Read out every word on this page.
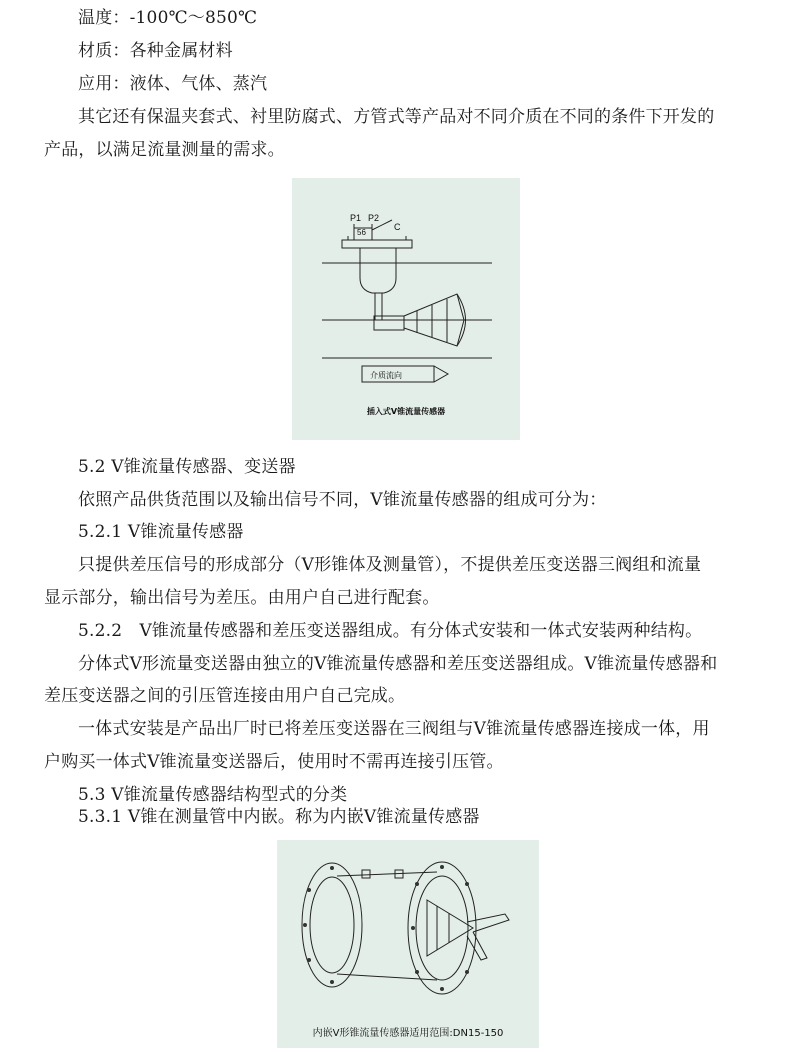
温度：-100℃～850℃
材质：各种金属材料
应用：液体、气体、蒸汽
其它还有保温夹套式、衬里防腐式、方管式等产品对不同介质在不同的条件下开发的
产品，以满足流量测量的需求。
P1 P2
56
C
介质流向
插入式V锥流量传感器
5.2 V锥流量传感器、变送器
依照产品供货范围以及输出信号不同，V锥流量传感器的组成可分为：
5.2.1 V锥流量传感器
只提供差压信号的形成部分（V形锥体及测量管），不提供差压变送器三阀组和流量
显示部分，输出信号为差压。由用户自己进行配套。
5.2.2　V锥流量传感器和差压变送器组成。有分体式安装和一体式安装两种结构。
分体式V形流量变送器由独立的V锥流量传感器和差压变送器组成。V锥流量传感器和
差压变送器之间的引压管连接由用户自己完成。
一体式安装是产品出厂时已将差压变送器在三阀组与V锥流量传感器连接成一体，用
户购买一体式V锥流量变送器后，使用时不需再连接引压管。
5.3 V锥流量传感器结构型式的分类
5.3.1 V锥在测量管中内嵌。称为内嵌V锥流量传感器
内嵌V形锥流量传感器适用范围:DN15-150
